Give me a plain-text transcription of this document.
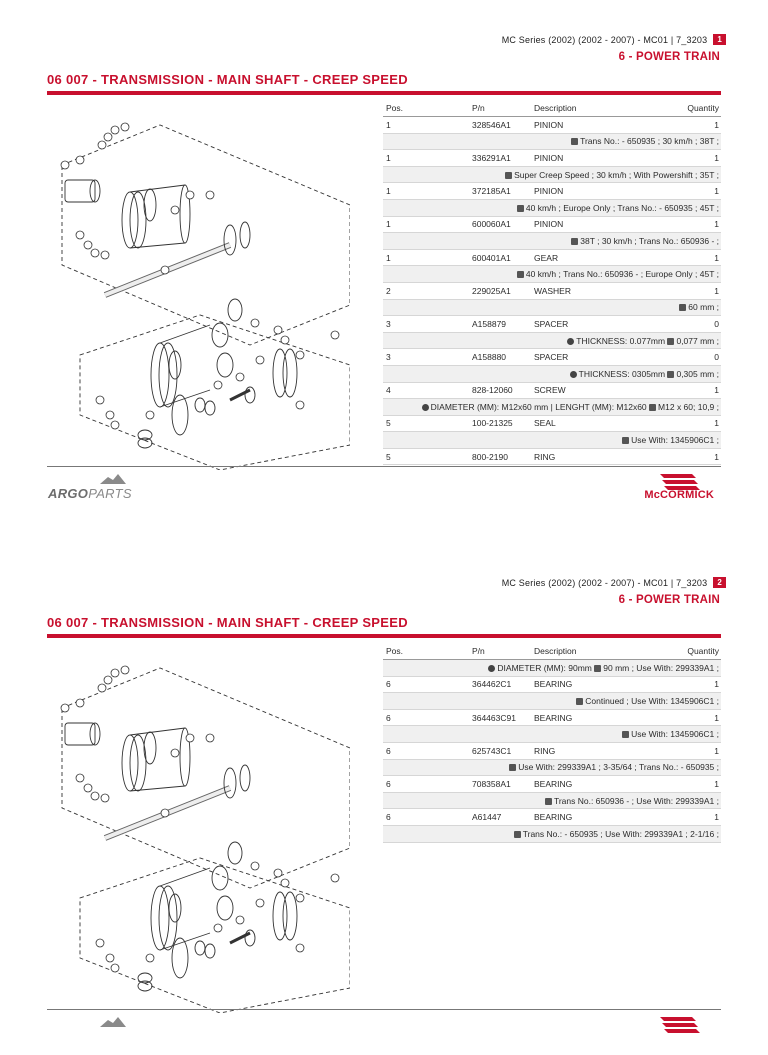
MC Series (2002) (2002 - 2007) - MC01 | 7_3203	1
6 - POWER TRAIN
06 007 - TRANSMISSION - MAIN SHAFT - CREEP SPEED
Pos.	P/n	Description	Quantity
1	328546A1	PINION	1
Trans No.: - 650935 ; 30 km/h ; 38T ;
1	336291A1	PINION	1
Super Creep Speed ; 30 km/h ; With Powershift ; 35T ;
1	372185A1	PINION	1
40 km/h ; Europe Only ; Trans No.: - 650935 ; 45T ;
1	600060A1	PINION	1
38T ; 30 km/h ; Trans No.: 650936 - ;
1	600401A1	GEAR	1
40 km/h ; Trans No.: 650936 - ; Europe Only ; 45T ;
2	229025A1	WASHER	1
60 mm ;
3	A158879	SPACER	0
THICKNESS: 0.077mm 0,077 mm ;
3	A158880	SPACER	0
THICKNESS: 0305mm 0,305 mm ;
4	828-12060	SCREW	1
DIAMETER (MM): M12x60 mm | LENGHT (MM): M12x60 M12 x 60; 10,9 ;
5	100-21325	SEAL	1
Use With: 1345906C1 ;
5	800-2190	RING	1
ARGOPARTS	McCORMICK
MC Series (2002) (2002 - 2007) - MC01 | 7_3203	2
6 - POWER TRAIN
06 007 - TRANSMISSION - MAIN SHAFT - CREEP SPEED
Pos.	P/n	Description	Quantity
DIAMETER (MM): 90mm 90 mm ; Use With: 299339A1 ;
6	364462C1	BEARING	1
Continued ; Use With: 1345906C1 ;
6	364463C91	BEARING	1
Use With: 1345906C1 ;
6	625743C1	RING	1
Use With: 299339A1 ; 3-35/64 ; Trans No.: - 650935 ;
6	708358A1	BEARING	1
Trans No.: 650936 - ; Use With: 299339A1 ;
6	A61447	BEARING	1
Trans No.: - 650935 ; Use With: 299339A1 ; 2-1/16 ;
